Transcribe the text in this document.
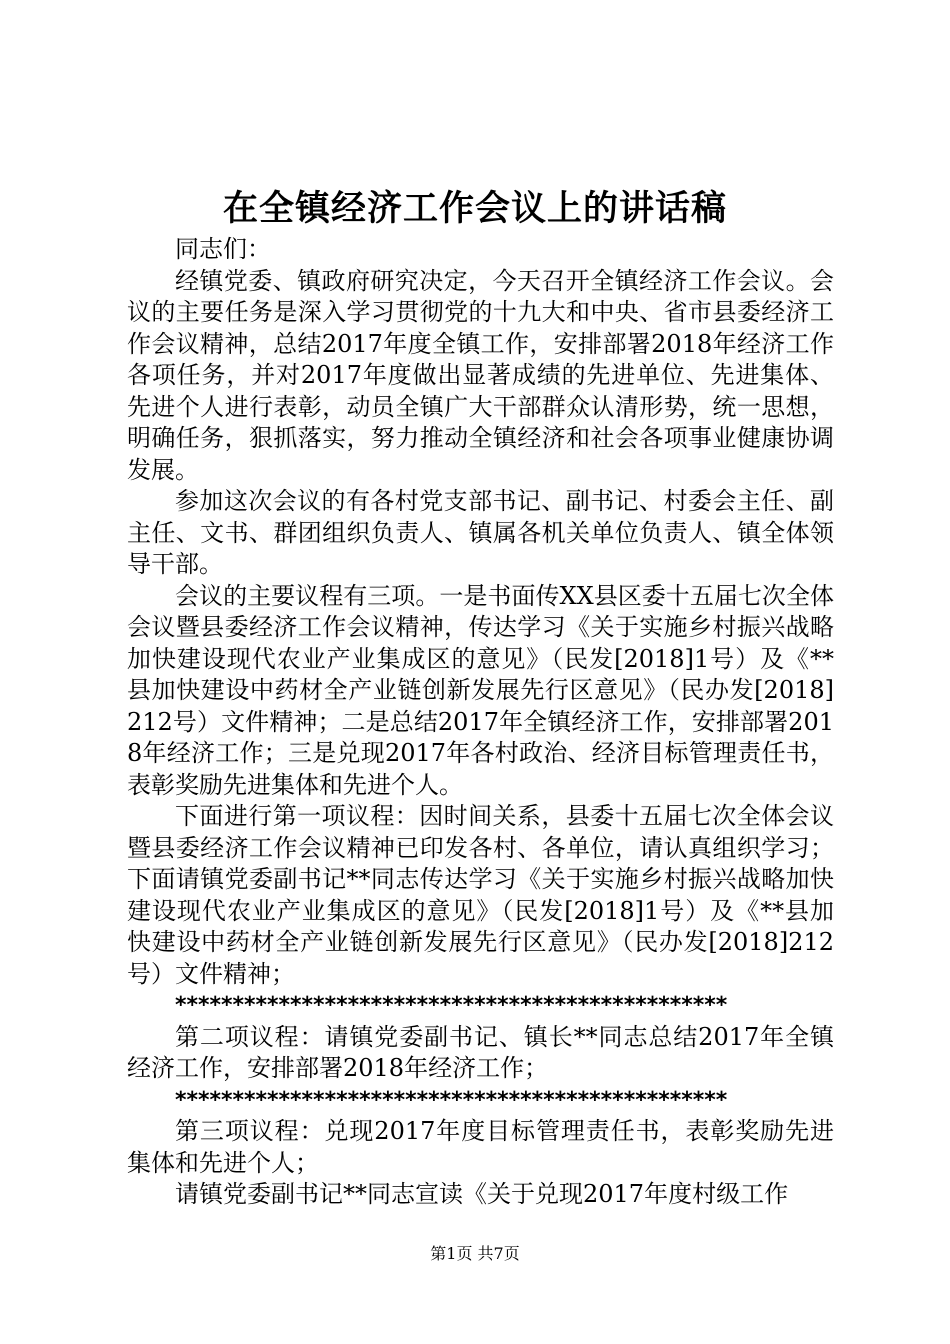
在全镇经济工作会议上的讲话稿

同志们：

经镇党委、镇政府研究决定，今天召开全镇经济工作会议。会议的主要任务是深入学习贯彻党的十九大和中央、省市县委经济工作会议精神，总结2017年度全镇工作，安排部署2018年经济工作各项任务，并对2017年度做出显著成绩的先进单位、先进集体、先进个人进行表彰，动员全镇广大干部群众认清形势，统一思想，明确任务，狠抓落实，努力推动全镇经济和社会各项事业健康协调发展。

参加这次会议的有各村党支部书记、副书记、村委会主任、副主任、文书、群团组织负责人、镇属各机关单位负责人、镇全体领导干部。

会议的主要议程有三项。一是书面传XX县区委十五届七次全体会议暨县委经济工作会议精神，传达学习《关于实施乡村振兴战略加快建设现代农业产业集成区的意见》（民发[2018]1号）及《**县加快建设中药材全产业链创新发展先行区意见》（民办发[2018]212号）文件精神；二是总结2017年全镇经济工作，安排部署2018年经济工作；三是兑现2017年各村政治、经济目标管理责任书，表彰奖励先进集体和先进个人。

下面进行第一项议程：因时间关系，县委十五届七次全体会议暨县委经济工作会议精神已印发各村、各单位，请认真组织学习；下面请镇党委副书记**同志传达学习《关于实施乡村振兴战略加快建设现代农业产业集成区的意见》（民发[2018]1号）及《**县加快建设中药材全产业链创新发展先行区意见》（民办发[2018]212号）文件精神；

************************************************

第二项议程：请镇党委副书记、镇长**同志总结2017年全镇经济工作，安排部署2018年经济工作；

************************************************

第三项议程：兑现2017年度目标管理责任书，表彰奖励先进集体和先进个人；

请镇党委副书记**同志宣读《关于兑现2017年度村级工作

第1页 共7页
